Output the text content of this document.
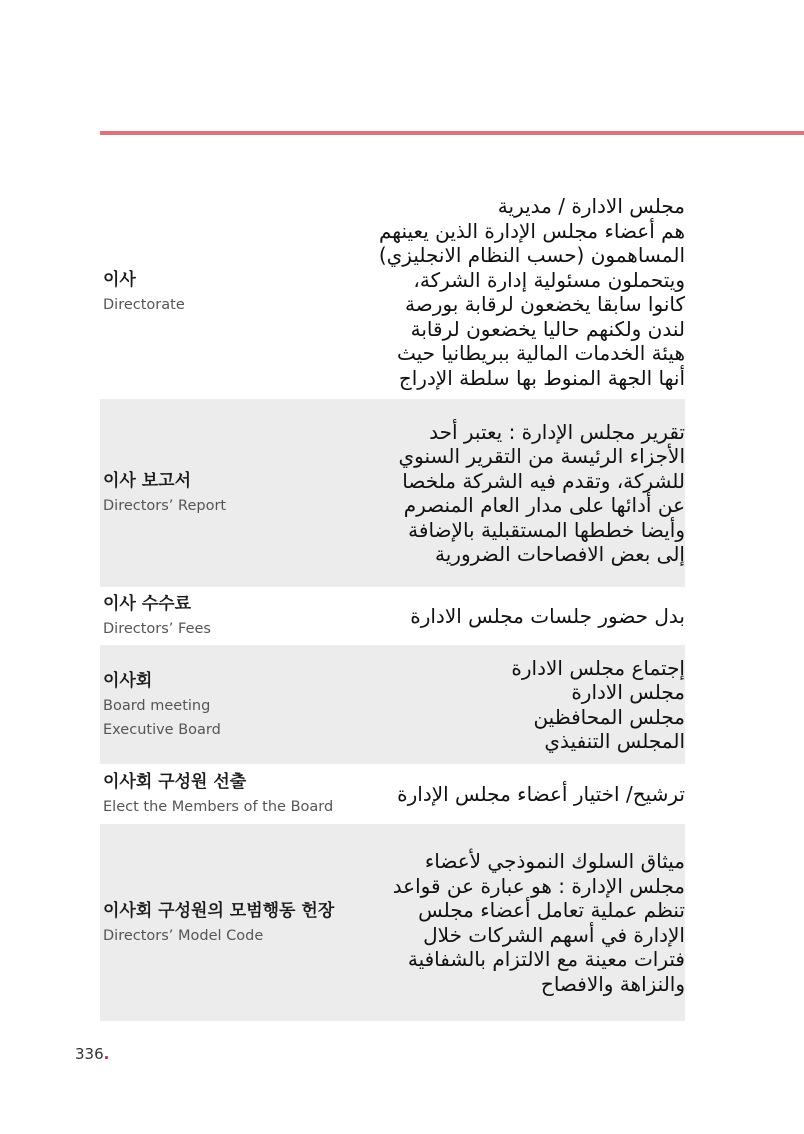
이사
Directorate
مجلس الادارة / مديرية
هم أعضاء مجلس الإدارة الذين يعينهم
المساهمون (حسب النظام الانجليزي)
ويتحملون مسئولية إدارة الشركة،
كانوا سابقا يخضعون لرقابة بورصة
لندن ولكنهم حاليا يخضعون لرقابة
هيئة الخدمات المالية ببريطانيا حيث
أنها الجهة المنوط بها سلطة الإدراج
이사 보고서
Directors’ Report
تقرير مجلس الإدارة : يعتبر أحد
الأجزاء الرئيسة من التقرير السنوي
للشركة، وتقدم فيه الشركة ملخصا
عن أدائها على مدار العام المنصرم
وأيضا خططها المستقبلية بالإضافة
إلى بعض الافصاحات الضرورية
이사 수수료
Directors’ Fees
بدل حضور جلسات مجلس الادارة
이사회
Board meeting
Executive Board
إجتماع مجلس الادارة
مجلس الادارة
مجلس المحافظين
المجلس التنفيذي
이사회 구성원 선출
Elect the Members of the Board
ترشيح/ اختيار أعضاء مجلس الإدارة
이사회 구성원의 모범행동 헌장
Directors’ Model Code
ميثاق السلوك النموذجي لأعضاء
مجلس الإدارة : هو عبارة عن قواعد
تنظم عملية تعامل أعضاء مجلس
الإدارة في أسهم الشركات خلال
فترات معينة مع الالتزام بالشفافية
والنزاهة والافصاح
336.
